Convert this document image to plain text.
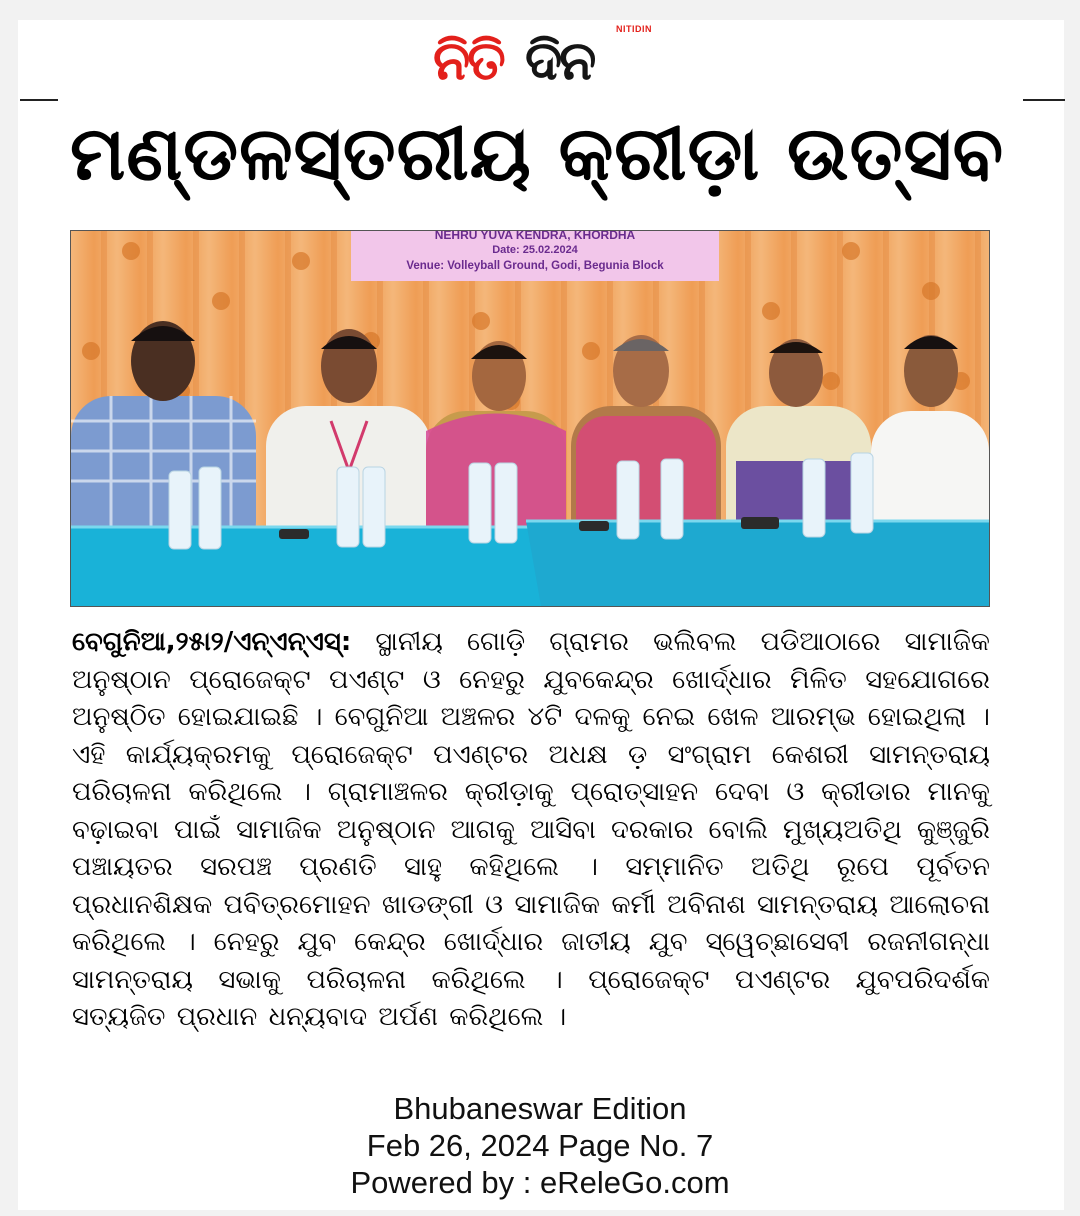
ନିତି ଦିନ	NITIDIN
ମଣ୍ଡଳସ୍ତରୀୟ କ୍ରୀଡ଼ା ଉତ୍ସବ
NEHRU YUVA KENDRA, KHORDHA
Date: 25.02.2024
Venue: Volleyball Ground, Godi, Begunia Block
ବେଗୁନିଆ,୨୫ା୨/ଏନ୍‌ଏନ୍‌ଏସ୍‌: ସ୍ଥାନୀୟ ଗୋଡ଼ି ଗ୍ରାମର ଭଲିବଲ ପଡିଆଠାରେ ସାମାଜିକ ଅନୁଷ୍ଠାନ ପ୍ରୋଜେକ୍ଟ ପଏଣ୍ଟ ଓ ନେହରୁ ଯୁବକେନ୍ଦ୍ର ଖୋର୍ଦ୍ଧାର ମିଳିତ ସହଯୋଗରେ ଅନୁଷ୍ଠିତ ହୋଇଯାଇଛି । ବେଗୁନିଆ ଅଞ୍ଚଳର ୪ଟି ଦଳକୁ ନେଇ ଖେଳ ଆରମ୍ଭ ହୋଇଥିଲା । ଏହି କାର୍ଯ୍ୟକ୍ରମକୁ ପ୍ରୋଜେକ୍ଟ ପଏଣ୍ଟର ଅଧକ୍ଷ ଡ଼ ସଂଗ୍ରାମ କେଶରୀ ସାମନ୍ତରାୟ ପରିଚାଳନା କରିଥିଲେ । ଗ୍ରାମାଞ୍ଚଳର କ୍ରୀଡ଼ାକୁ ପ୍ରୋତ୍ସାହନ ଦେବା ଓ କ୍ରୀଡାର ମାନକୁ ବଢ଼ାଇବା ପାଇଁ ସାମାଜିକ ଅନୁଷ୍ଠାନ ଆଗକୁ ଆସିବା ଦରକାର ବୋଲି ମୁଖ୍ୟଅତିଥି କୁଞ୍ଜୁରି ପଞ୍ଚାୟତର ସରପଞ୍ଚ ପ୍ରଣତି ସାହୁ କହିଥିଲେ । ସମ୍ମାନିତ ଅତିଥି ରୂପେ ପୂର୍ବତନ ପ୍ରଧାନଶିକ୍ଷକ ପବିତ୍ରମୋହନ ଖାଡଙ୍ଗୀ ଓ ସାମାଜିକ କର୍ମୀ ଅବିନାଶ ସାମନ୍ତରାୟ ଆଲୋଚନା କରିଥିଲେ । ନେହରୁ ଯୁବ କେନ୍ଦ୍ର ଖୋର୍ଦ୍ଧାର ଜାତୀୟ ଯୁବ ସ୍ୱେଚ୍ଛାସେବୀ ରଜନୀଗନ୍ଧା ସାମନ୍ତରାୟ ସଭାକୁ ପରିଚାଳନା କରିଥିଲେ । ପ୍ରୋଜେକ୍ଟ ପଏଣ୍ଟର ଯୁବପରିଦର୍ଶକ ସତ୍ୟଜିତ ପ୍ରଧାନ ଧନ୍ୟବାଦ ଅର୍ପଣ କରିଥିଲେ ।
Bhubaneswar Edition
Feb 26, 2024 Page No. 7
Powered by : eReleGo.com
